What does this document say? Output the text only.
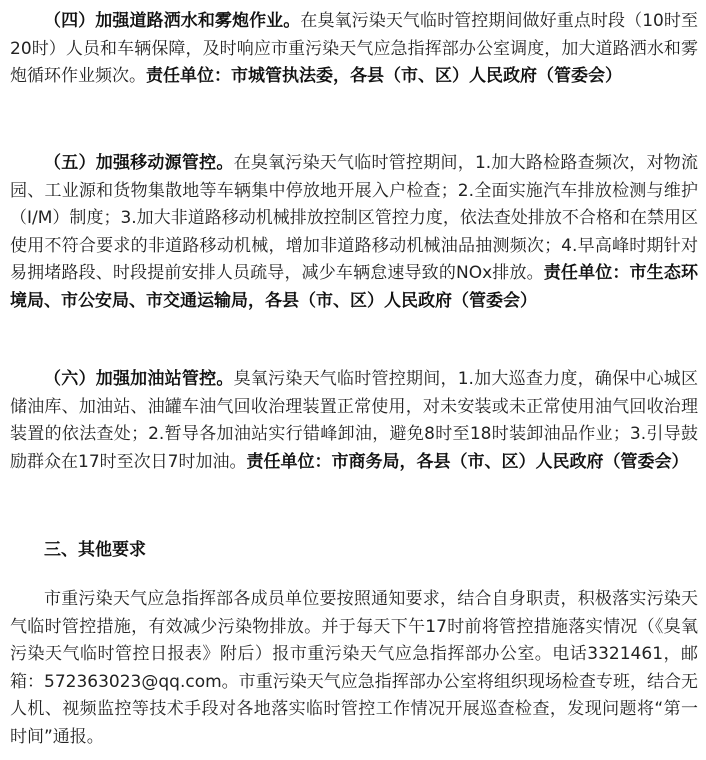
（四）加强道路洒水和雾炮作业。在臭氧污染天气临时管控期间做好重点时段（10时至20时）人员和车辆保障，及时响应市重污染天气应急指挥部办公室调度，加大道路洒水和雾炮循环作业频次。责任单位：市城管执法委，各县（市、区）人民政府（管委会）

（五）加强移动源管控。在臭氧污染天气临时管控期间，1.加大路检路查频次，对物流园、工业源和货物集散地等车辆集中停放地开展入户检查；2.全面实施汽车排放检测与维护（I/M）制度；3.加大非道路移动机械排放控制区管控力度，依法查处排放不合格和在禁用区使用不符合要求的非道路移动机械，增加非道路移动机械油品抽测频次；4.早高峰时期针对易拥堵路段、时段提前安排人员疏导，减少车辆怠速导致的NOx排放。责任单位：市生态环境局、市公安局、市交通运输局，各县（市、区）人民政府（管委会）

（六）加强加油站管控。臭氧污染天气临时管控期间，1.加大巡查力度，确保中心城区储油库、加油站、油罐车油气回收治理装置正常使用，对未安装或未正常使用油气回收治理装置的依法查处；2.暂导各加油站实行错峰卸油，避免8时至18时装卸油品作业；3.引导鼓励群众在17时至次日7时加油。责任单位：市商务局，各县（市、区）人民政府（管委会）

三、其他要求

市重污染天气应急指挥部各成员单位要按照通知要求，结合自身职责，积极落实污染天气临时管控措施，有效减少污染物排放。并于每天下午17时前将管控措施落实情况（《臭氧污染天气临时管控日报表》附后）报市重污染天气应急指挥部办公室。电话3321461，邮箱：572363023@qq.com。市重污染天气应急指挥部办公室将组织现场检查专班，结合无人机、视频监控等技术手段对各地落实临时管控工作情况开展巡查检查，发现问题将“第一时间”通报。
